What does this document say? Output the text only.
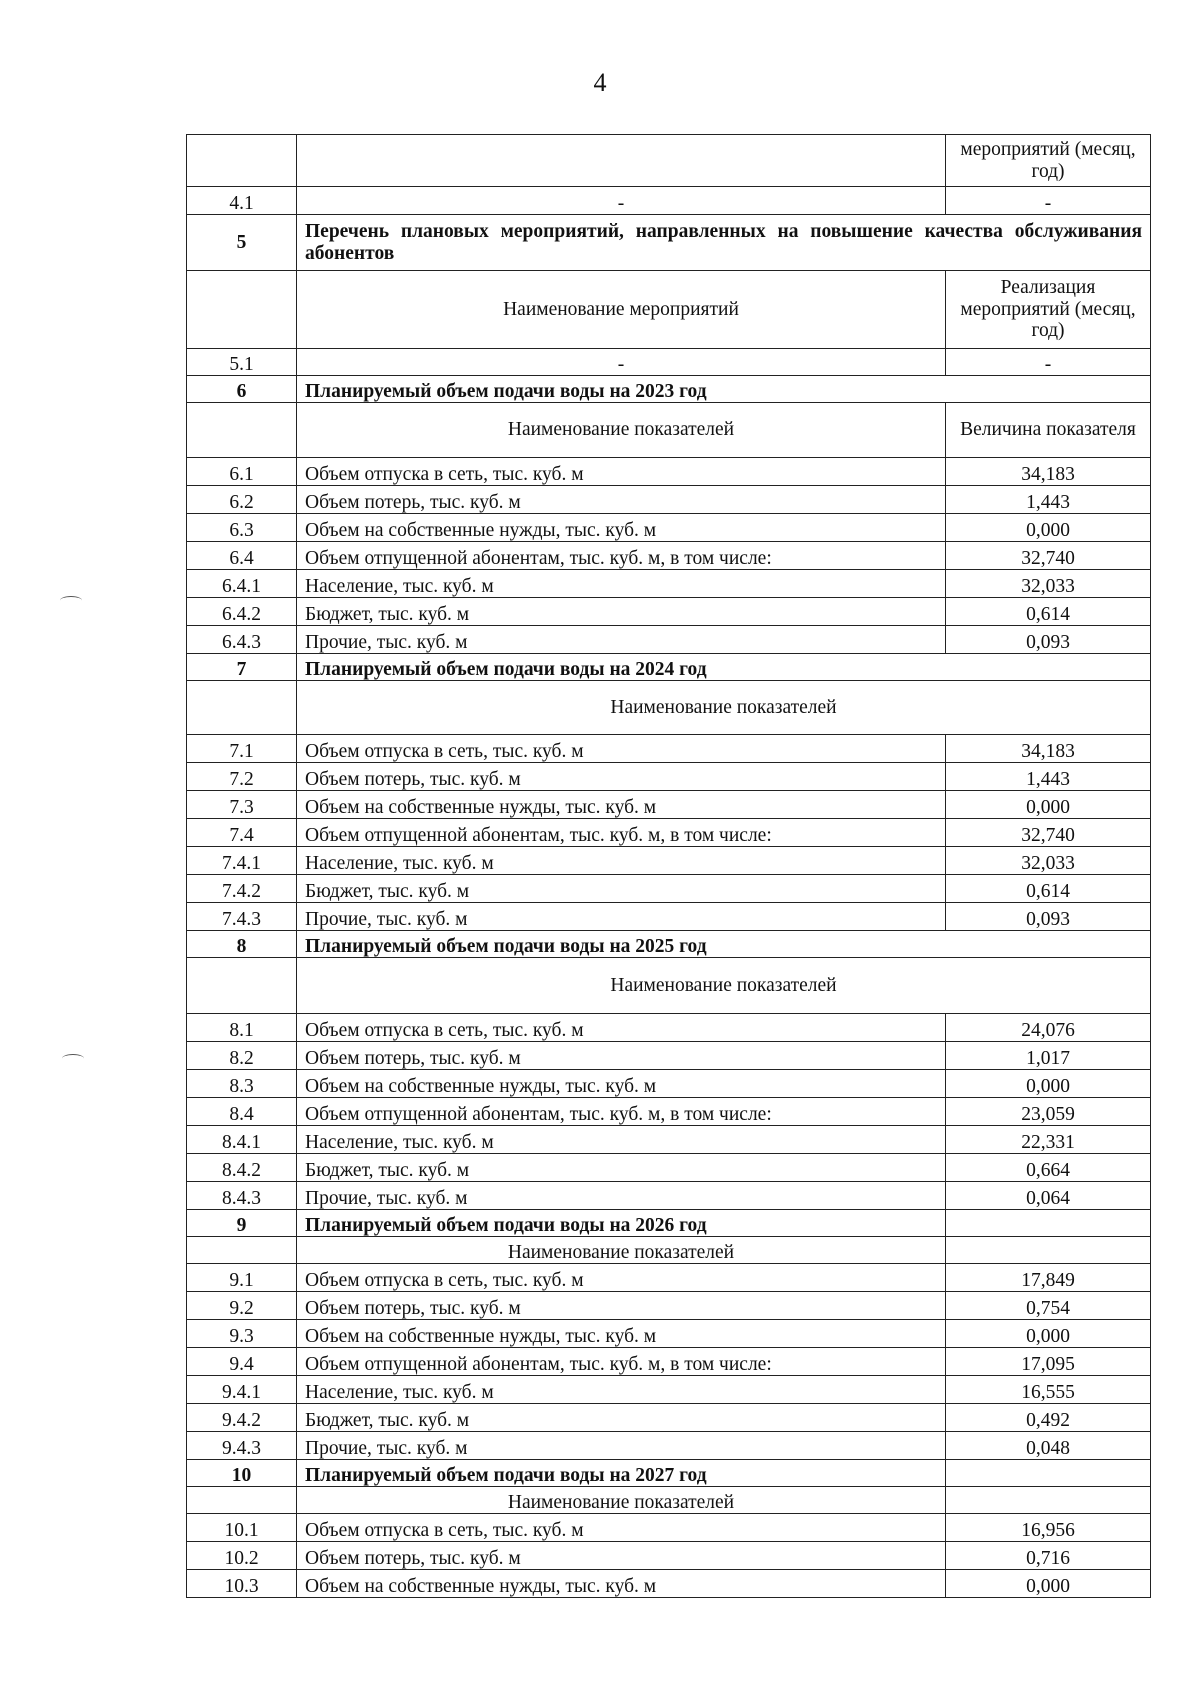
4
		мероприятий (месяц, год)
4.1	-	-
5	Перечень плановых мероприятий, направленных на повышение качества обслуживания абонентов	
	Наименование мероприятий	Реализация мероприятий (месяц, год)
5.1	-	-
6	Планируемый объем подачи воды на 2023 год	
	Наименование показателей	Величина показателя
6.1	Объем отпуска в сеть, тыс. куб. м	34,183
6.2	Объем потерь, тыс. куб. м	1,443
6.3	Объем на собственные нужды, тыс. куб. м	0,000
6.4	Объем отпущенной абонентам, тыс. куб. м, в том числе:	32,740
6.4.1	Население, тыс. куб. м	32,033
6.4.2	Бюджет, тыс. куб. м	0,614
6.4.3	Прочие, тыс. куб. м	0,093
7	Планируемый объем подачи воды на 2024 год	
	Наименование показателей	
7.1	Объем отпуска в сеть, тыс. куб. м	34,183
7.2	Объем потерь, тыс. куб. м	1,443
7.3	Объем на собственные нужды, тыс. куб. м	0,000
7.4	Объем отпущенной абонентам, тыс. куб. м, в том числе:	32,740
7.4.1	Население, тыс. куб. м	32,033
7.4.2	Бюджет, тыс. куб. м	0,614
7.4.3	Прочие, тыс. куб. м	0,093
8	Планируемый объем подачи воды на 2025 год	
	Наименование показателей	
8.1	Объем отпуска в сеть, тыс. куб. м	24,076
8.2	Объем потерь, тыс. куб. м	1,017
8.3	Объем на собственные нужды, тыс. куб. м	0,000
8.4	Объем отпущенной абонентам, тыс. куб. м, в том числе:	23,059
8.4.1	Население, тыс. куб. м	22,331
8.4.2	Бюджет, тыс. куб. м	0,664
8.4.3	Прочие, тыс. куб. м	0,064
9	Планируемый объем подачи воды на 2026 год	
	Наименование показателей	
9.1	Объем отпуска в сеть, тыс. куб. м	17,849
9.2	Объем потерь, тыс. куб. м	0,754
9.3	Объем на собственные нужды, тыс. куб. м	0,000
9.4	Объем отпущенной абонентам, тыс. куб. м, в том числе:	17,095
9.4.1	Население, тыс. куб. м	16,555
9.4.2	Бюджет, тыс. куб. м	0,492
9.4.3	Прочие, тыс. куб. м	0,048
10	Планируемый объем подачи воды на 2027 год	
	Наименование показателей	
10.1	Объем отпуска в сеть, тыс. куб. м	16,956
10.2	Объем потерь, тыс. куб. м	0,716
10.3	Объем на собственные нужды, тыс. куб. м	0,000
